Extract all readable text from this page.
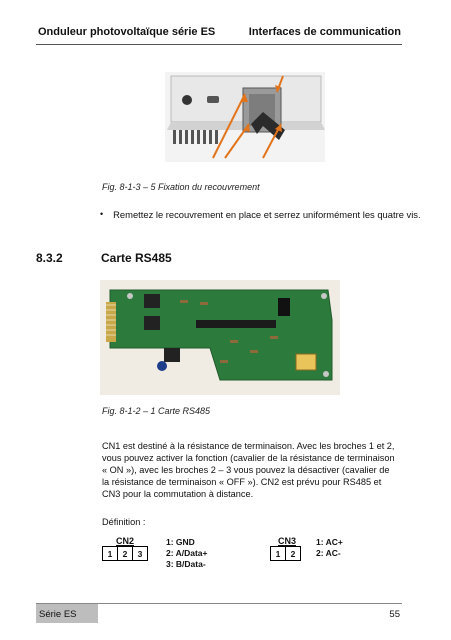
Onduleur photovoltaïque série ES	Interfaces de communication
Fig. 8-1-3 – 5 Fixation du recouvrement
• Remettez le recouvrement en place et serrez uniformément les quatre vis.
8.3.2	Carte RS485
Fig. 8-1-2 – 1 Carte RS485
CN1 est destiné à la résistance de terminaison. Avec les broches 1 et 2, vous pouvez activer la fonction (cavalier de la résistance de terminaison « ON »), avec les broches 2 – 3 vous pouvez la désactiver (cavalier de la résistance de terminaison « OFF »). CN2 est prévu pour RS485 et CN3 pour la commutation à distance.
Définition :
CN2
1	2	3
1: GND
2: A/Data+
3: B/Data-
CN3
1	2
1: AC+
2: AC-
Série ES	55
